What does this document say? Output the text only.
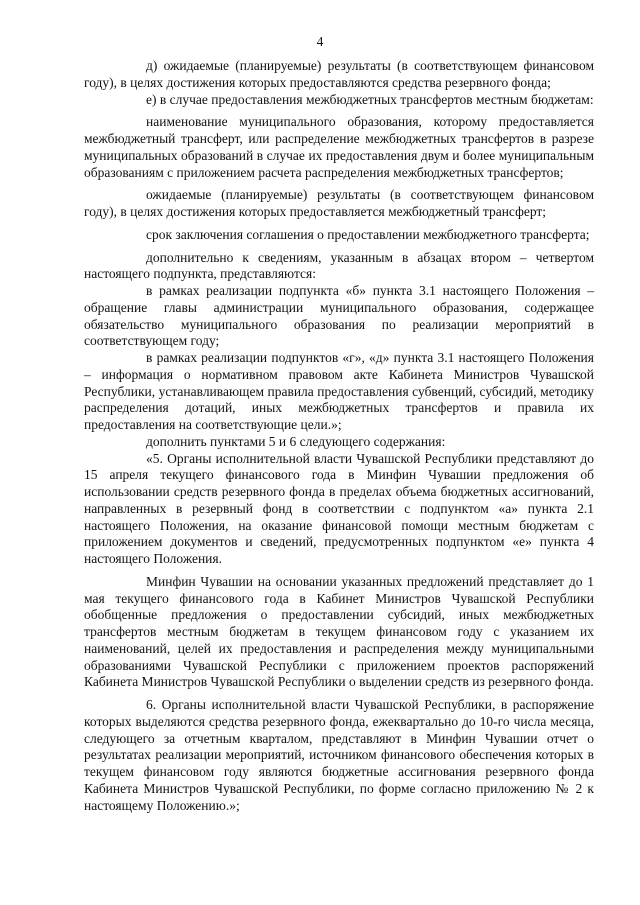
4

д) ожидаемые (планируемые) результаты (в соответствующем финансовом году), в целях достижения которых предоставляются средства резервного фонда;

е) в случае предоставления межбюджетных трансфертов местным бюджетам:

наименование муниципального образования, которому предоставляется межбюджетный трансферт, или распределение межбюджетных трансфертов в разрезе муниципальных образований в случае их предоставления двум и более муниципальным образованиям с приложением расчета распределения межбюджетных трансфертов;

ожидаемые (планируемые) результаты (в соответствующем финансовом году), в целях достижения которых предоставляется межбюджетный трансферт;

срок заключения соглашения о предоставлении межбюджетного трансферта;

дополнительно к сведениям, указанным в абзацах втором – четвертом настоящего подпункта, представляются:

в рамках реализации подпункта «б» пункта 3.1 настоящего Положения – обращение главы администрации муниципального образования, содержащее обязательство муниципального образования по реализации мероприятий в соответствующем году;

в рамках реализации подпунктов «г», «д» пункта 3.1 настоящего Положения – информация о нормативном правовом акте Кабинета Министров Чувашской Республики, устанавливающем правила предоставления субвенций, субсидий, методику распределения дотаций, иных межбюджетных трансфертов и правила их предоставления на соответствующие цели.»;

дополнить пунктами 5 и 6 следующего содержания:

«5. Органы исполнительной власти Чувашской Республики представляют до 15 апреля текущего финансового года в Минфин Чувашии предложения об использовании средств резервного фонда в пределах объема бюджетных ассигнований, направленных в резервный фонд в соответствии с подпунктом «а» пункта 2.1 настоящего Положения, на оказание финансовой помощи местным бюджетам с приложением документов и сведений, предусмотренных подпунктом «е» пункта 4 настоящего Положения.

Минфин Чувашии на основании указанных предложений представляет до 1 мая текущего финансового года в Кабинет Министров Чувашской Республики обобщенные предложения о предоставлении субсидий, иных межбюджетных трансфертов местным бюджетам в текущем финансовом году с указанием их наименований, целей их предоставления и распределения между муниципальными образованиями Чувашской Республики с приложением проектов распоряжений Кабинета Министров Чувашской Республики о выделении средств из резервного фонда.

6. Органы исполнительной власти Чувашской Республики, в распоряжение которых выделяются средства резервного фонда, ежеквартально до 10-го числа месяца, следующего за отчетным кварталом, представляют в Минфин Чувашии отчет о результатах реализации мероприятий, источником финансового обеспечения которых в текущем финансовом году являются бюджетные ассигнования резервного фонда Кабинета Министров Чувашской Республики, по форме согласно приложению № 2 к настоящему Положению.»;
